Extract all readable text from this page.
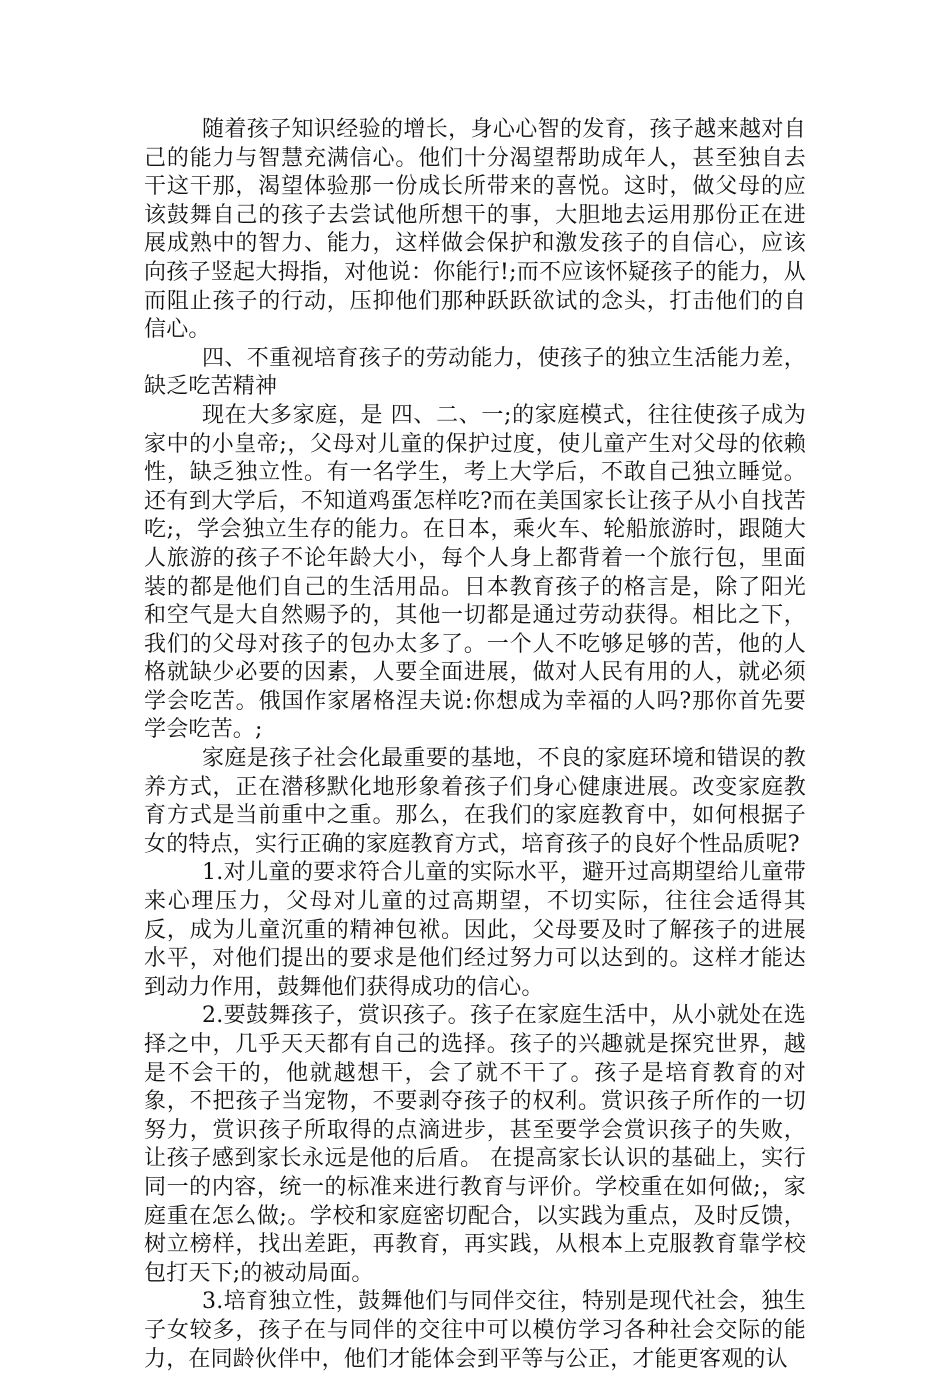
随着孩子知识经验的增长，身心心智的发育，孩子越来越对自己的能力与智慧充满信心。他们十分渴望帮助成年人，甚至独自去干这干那，渴望体验那一份成长所带来的喜悦。这时，做父母的应该鼓舞自己的孩子去尝试他所想干的事，大胆地去运用那份正在进展成熟中的智力、能力，这样做会保护和激发孩子的自信心，应该向孩子竖起大拇指，对他说：你能行!;而不应该怀疑孩子的能力，从而阻止孩子的行动，压抑他们那种跃跃欲试的念头，打击他们的自信心。

四、不重视培育孩子的劳动能力，使孩子的独立生活能力差，缺乏吃苦精神

现在大多家庭，是 四、二、一;的家庭模式，往往使孩子成为家中的小皇帝;，父母对儿童的保护过度，使儿童产生对父母的依赖性，缺乏独立性。有一名学生，考上大学后，不敢自己独立睡觉。还有到大学后，不知道鸡蛋怎样吃?而在美国家长让孩子从小自找苦吃;，学会独立生存的能力。在日本，乘火车、轮船旅游时，跟随大人旅游的孩子不论年龄大小，每个人身上都背着一个旅行包，里面装的都是他们自己的生活用品。日本教育孩子的格言是，除了阳光和空气是大自然赐予的，其他一切都是通过劳动获得。相比之下，我们的父母对孩子的包办太多了。一个人不吃够足够的苦，他的人格就缺少必要的因素，人要全面进展，做对人民有用的人，就必须学会吃苦。俄国作家屠格涅夫说:你想成为幸福的人吗?那你首先要学会吃苦。;

家庭是孩子社会化最重要的基地，不良的家庭环境和错误的教养方式，正在潜移默化地形象着孩子们身心健康进展。改变家庭教育方式是当前重中之重。那么，在我们的家庭教育中，如何根据子女的特点，实行正确的家庭教育方式，培育孩子的良好个性品质呢?

1.对儿童的要求符合儿童的实际水平，避开过高期望给儿童带来心理压力，父母对儿童的过高期望，不切实际，往往会适得其反，成为儿童沉重的精神包袱。因此，父母要及时了解孩子的进展水平，对他们提出的要求是他们经过努力可以达到的。这样才能达到动力作用，鼓舞他们获得成功的信心。

2.要鼓舞孩子，赏识孩子。孩子在家庭生活中，从小就处在选择之中，几乎天天都有自己的选择。孩子的兴趣就是探究世界，越是不会干的，他就越想干，会了就不干了。孩子是培育教育的对象，不把孩子当宠物，不要剥夺孩子的权利。赏识孩子所作的一切努力，赏识孩子所取得的点滴进步，甚至要学会赏识孩子的失败，让孩子感到家长永远是他的后盾。 在提高家长认识的基础上，实行同一的内容，统一的标准来进行教育与评价。学校重在如何做;，家庭重在怎么做;。学校和家庭密切配合，以实践为重点，及时反馈，树立榜样，找出差距，再教育，再实践，从根本上克服教育靠学校包打天下;的被动局面。

3.培育独立性，鼓舞他们与同伴交往，特别是现代社会，独生子女较多，孩子在与同伴的交往中可以模仿学习各种社会交际的能力，在同龄伙伴中，他们才能体会到平等与公正，才能更客观的认
